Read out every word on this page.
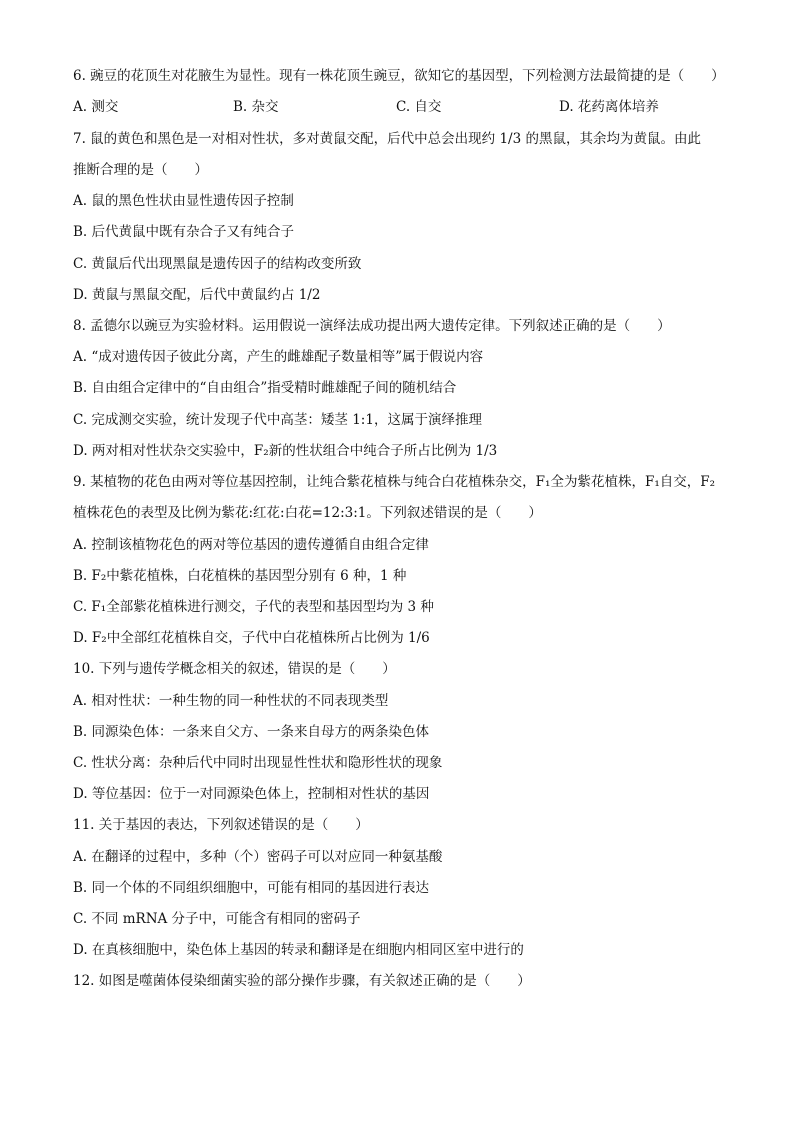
6. 豌豆的花顶生对花腋生为显性。现有一株花顶生豌豆，欲知它的基因型，下列检测方法最简捷的是（　　）
A. 测交	B. 杂交	C. 自交	D. 花药离体培养
7. 鼠的黄色和黑色是一对相对性状，多对黄鼠交配，后代中总会出现约 1/3 的黑鼠，其余均为黄鼠。由此
推断合理的是（　　）
A. 鼠的黑色性状由显性遗传因子控制
B. 后代黄鼠中既有杂合子又有纯合子
C. 黄鼠后代出现黑鼠是遗传因子的结构改变所致
D. 黄鼠与黑鼠交配，后代中黄鼠约占 1/2
8. 孟德尔以豌豆为实验材料。运用假说一演绎法成功提出两大遗传定律。下列叙述正确的是（　　）
A. “成对遗传因子彼此分离，产生的雌雄配子数量相等”属于假说内容
B. 自由组合定律中的“自由组合”指受精时雌雄配子间的随机结合
C. 完成测交实验，统计发现子代中高茎：矮茎 1:1，这属于演绎推理
D. 两对相对性状杂交实验中，F₂新的性状组合中纯合子所占比例为 1/3
9. 某植物的花色由两对等位基因控制，让纯合紫花植株与纯合白花植株杂交，F₁全为紫花植株，F₁自交，F₂
植株花色的表型及比例为紫花:红花:白花=12:3:1。下列叙述错误的是（　　）
A. 控制该植物花色的两对等位基因的遗传遵循自由组合定律
B. F₂中紫花植株，白花植株的基因型分别有 6 种，1 种
C. F₁全部紫花植株进行测交，子代的表型和基因型均为 3 种
D. F₂中全部红花植株自交，子代中白花植株所占比例为 1/6
10. 下列与遗传学概念相关的叙述，错误的是（　　）
A. 相对性状：一种生物的同一种性状的不同表现类型
B. 同源染色体：一条来自父方、一条来自母方的两条染色体
C. 性状分离：杂种后代中同时出现显性性状和隐形性状的现象
D. 等位基因：位于一对同源染色体上，控制相对性状的基因
11. 关于基因的表达，下列叙述错误的是（　　）
A. 在翻译的过程中，多种（个）密码子可以对应同一种氨基酸
B. 同一个体的不同组织细胞中，可能有相同的基因进行表达
C. 不同 mRNA 分子中，可能含有相同的密码子
D. 在真核细胞中，染色体上基因的转录和翻译是在细胞内相同区室中进行的
12. 如图是噬菌体侵染细菌实验的部分操作步骤，有关叙述正确的是（　　）
